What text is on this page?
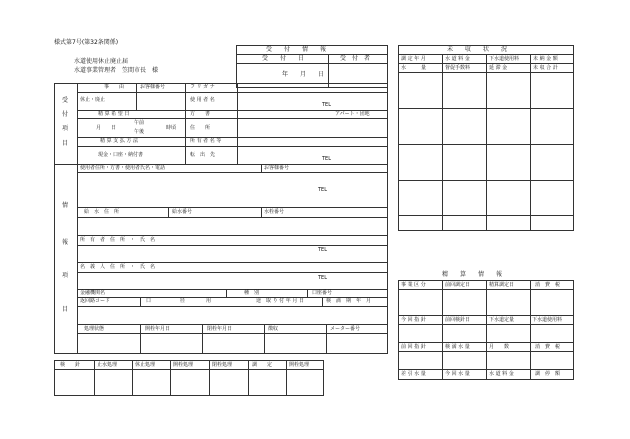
様式第7号(第32条関係)
水道使用休止廃止届
水道事業管理者　笠間市長　様
受　　付　　情　　報
受　　付　　日	受　付　者
年　　月　　日
未　　収　　状　　況
調 定 年 月	水 道 料 金	下水道使用料	未 納 金 額
水　　　量	督促手数料	延 滞 金	未 収 合 計
受
付
項
目
事　　由	お客様番号	フ リ ガ ナ
休止・廃止	使 用 者 名
TEL
精 算 希 望 日	方　　書	アパート・団地
月　　日
午前
午後
時頃	住　　所
精 算 支 払 方 法	所 有 者 名 等
現金・口座・納付書	転　出　先
TEL
情
報
項
目
使用者住所・方書・使用者氏名・電話	お客様番号
TEL
給　水　住　所	給水番号	水栓番号
所　有　者　住　所　・　氏　名
TEL
名　義　人　住　所　・　氏　名
TEL
金融機関名	種　別	口座番号
返回路コード	口	径	用	途 取 り 付 年 月 日	検 満　期　年　月
処理状態	開栓年月日	閉栓年月日	徴収	メーター番号
精　　算　　情　　報
事 業 区 分	前回調定日	精算調定日	消　費　税
今 回 指 針	前回検針日	下水道定量	下水道使用料
前 回 指 針	検 満 水 量	月　　数	消　費　税
差 引 水 量	今 回 水 量	水 道 料 金	調　停　額
検　　針	止水処理	休止処理	開栓処理	閉栓処理	調　　定	開栓処理
